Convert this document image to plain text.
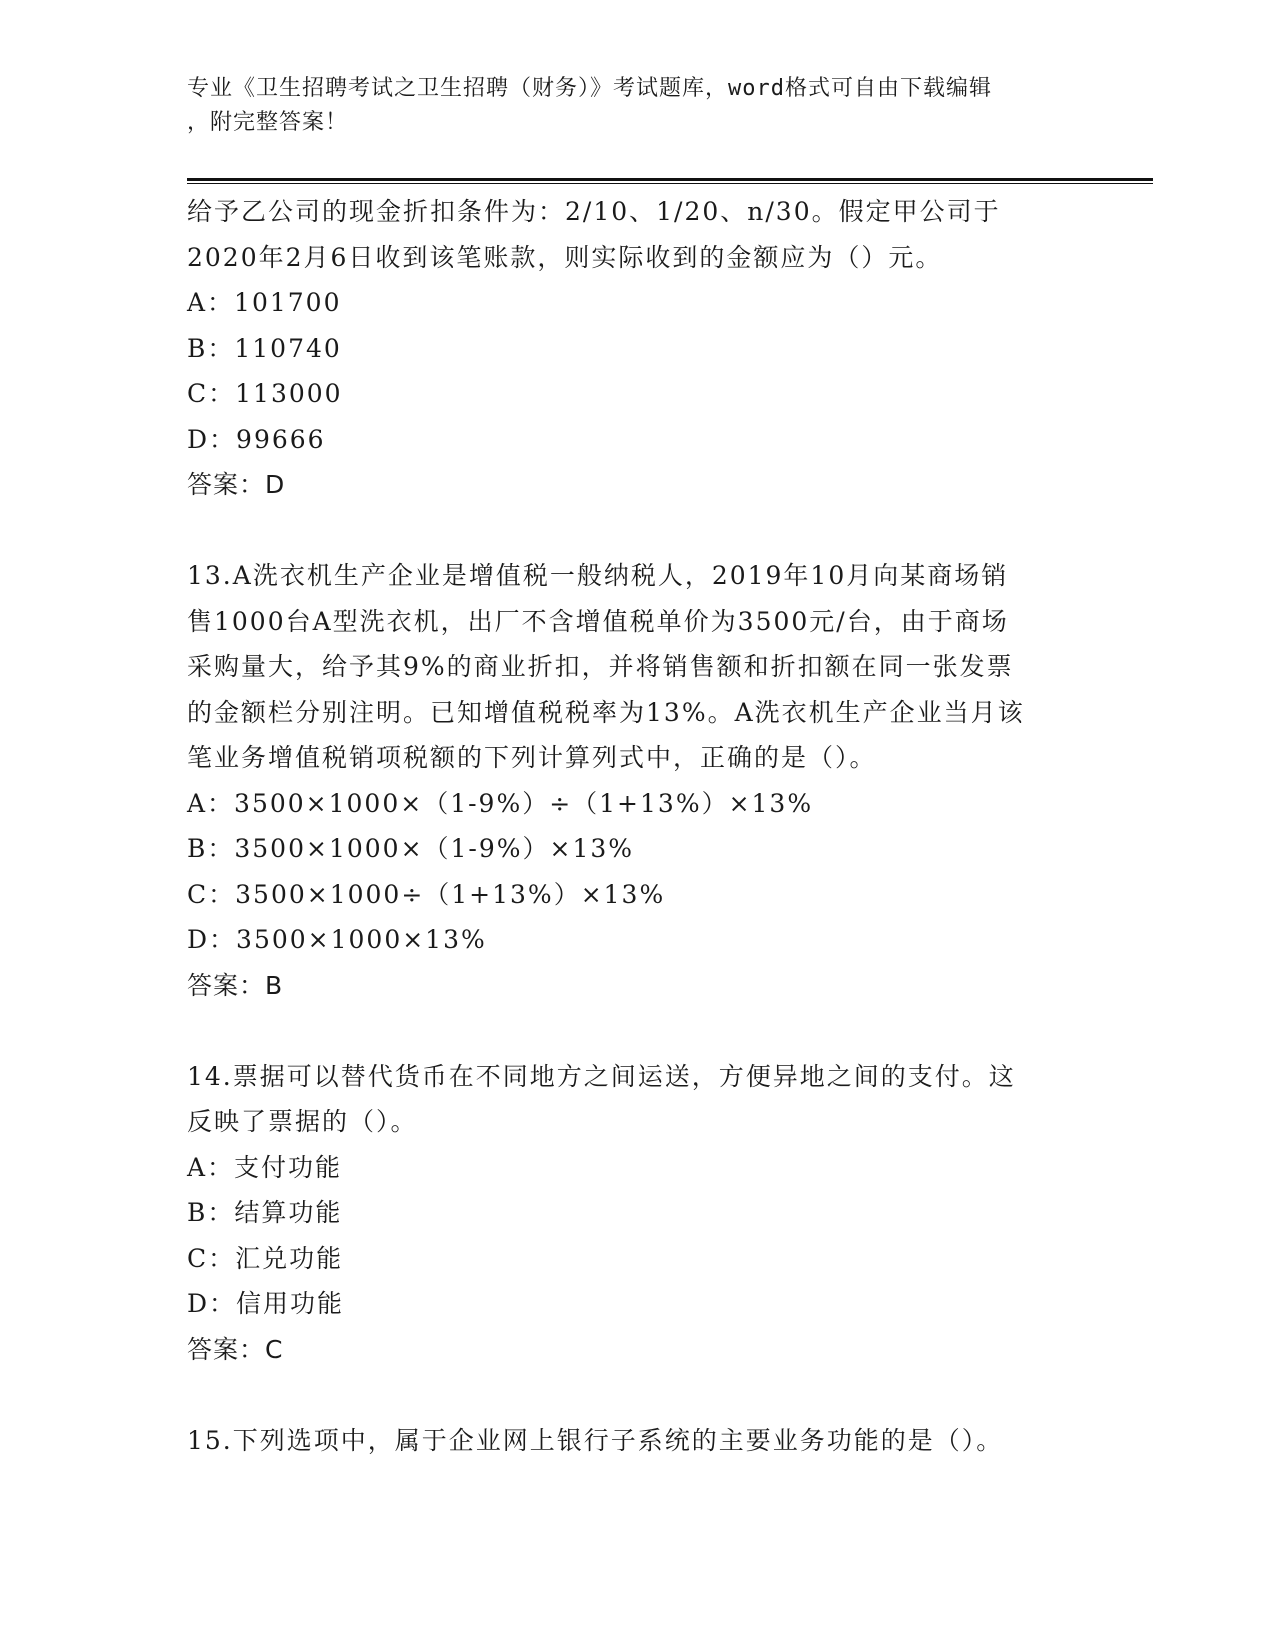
专业《卫生招聘考试之卫生招聘（财务）》考试题库，word格式可自由下载编辑
，附完整答案！
给予乙公司的现金折扣条件为：2/10、1/20、n/30。假定甲公司于
2020年2月6日收到该笔账款，则实际收到的金额应为（）元。
A：101700
B：110740
C：113000
D：99666
答案：D
13.A洗衣机生产企业是增值税一般纳税人，2019年10月向某商场销
售1000台A型洗衣机，出厂不含增值税单价为3500元/台，由于商场
采购量大，给予其9%的商业折扣，并将销售额和折扣额在同一张发票
的金额栏分别注明。已知增值税税率为13%。A洗衣机生产企业当月该
笔业务增值税销项税额的下列计算列式中，正确的是（）。
A：3500×1000×（1-9%）÷（1+13%）×13%
B：3500×1000×（1-9%）×13%
C：3500×1000÷（1+13%）×13%
D：3500×1000×13%
答案：B
14.票据可以替代货币在不同地方之间运送，方便异地之间的支付。这
反映了票据的（）。
A：支付功能
B：结算功能
C：汇兑功能
D：信用功能
答案：C
15.下列选项中，属于企业网上银行子系统的主要业务功能的是（）。
